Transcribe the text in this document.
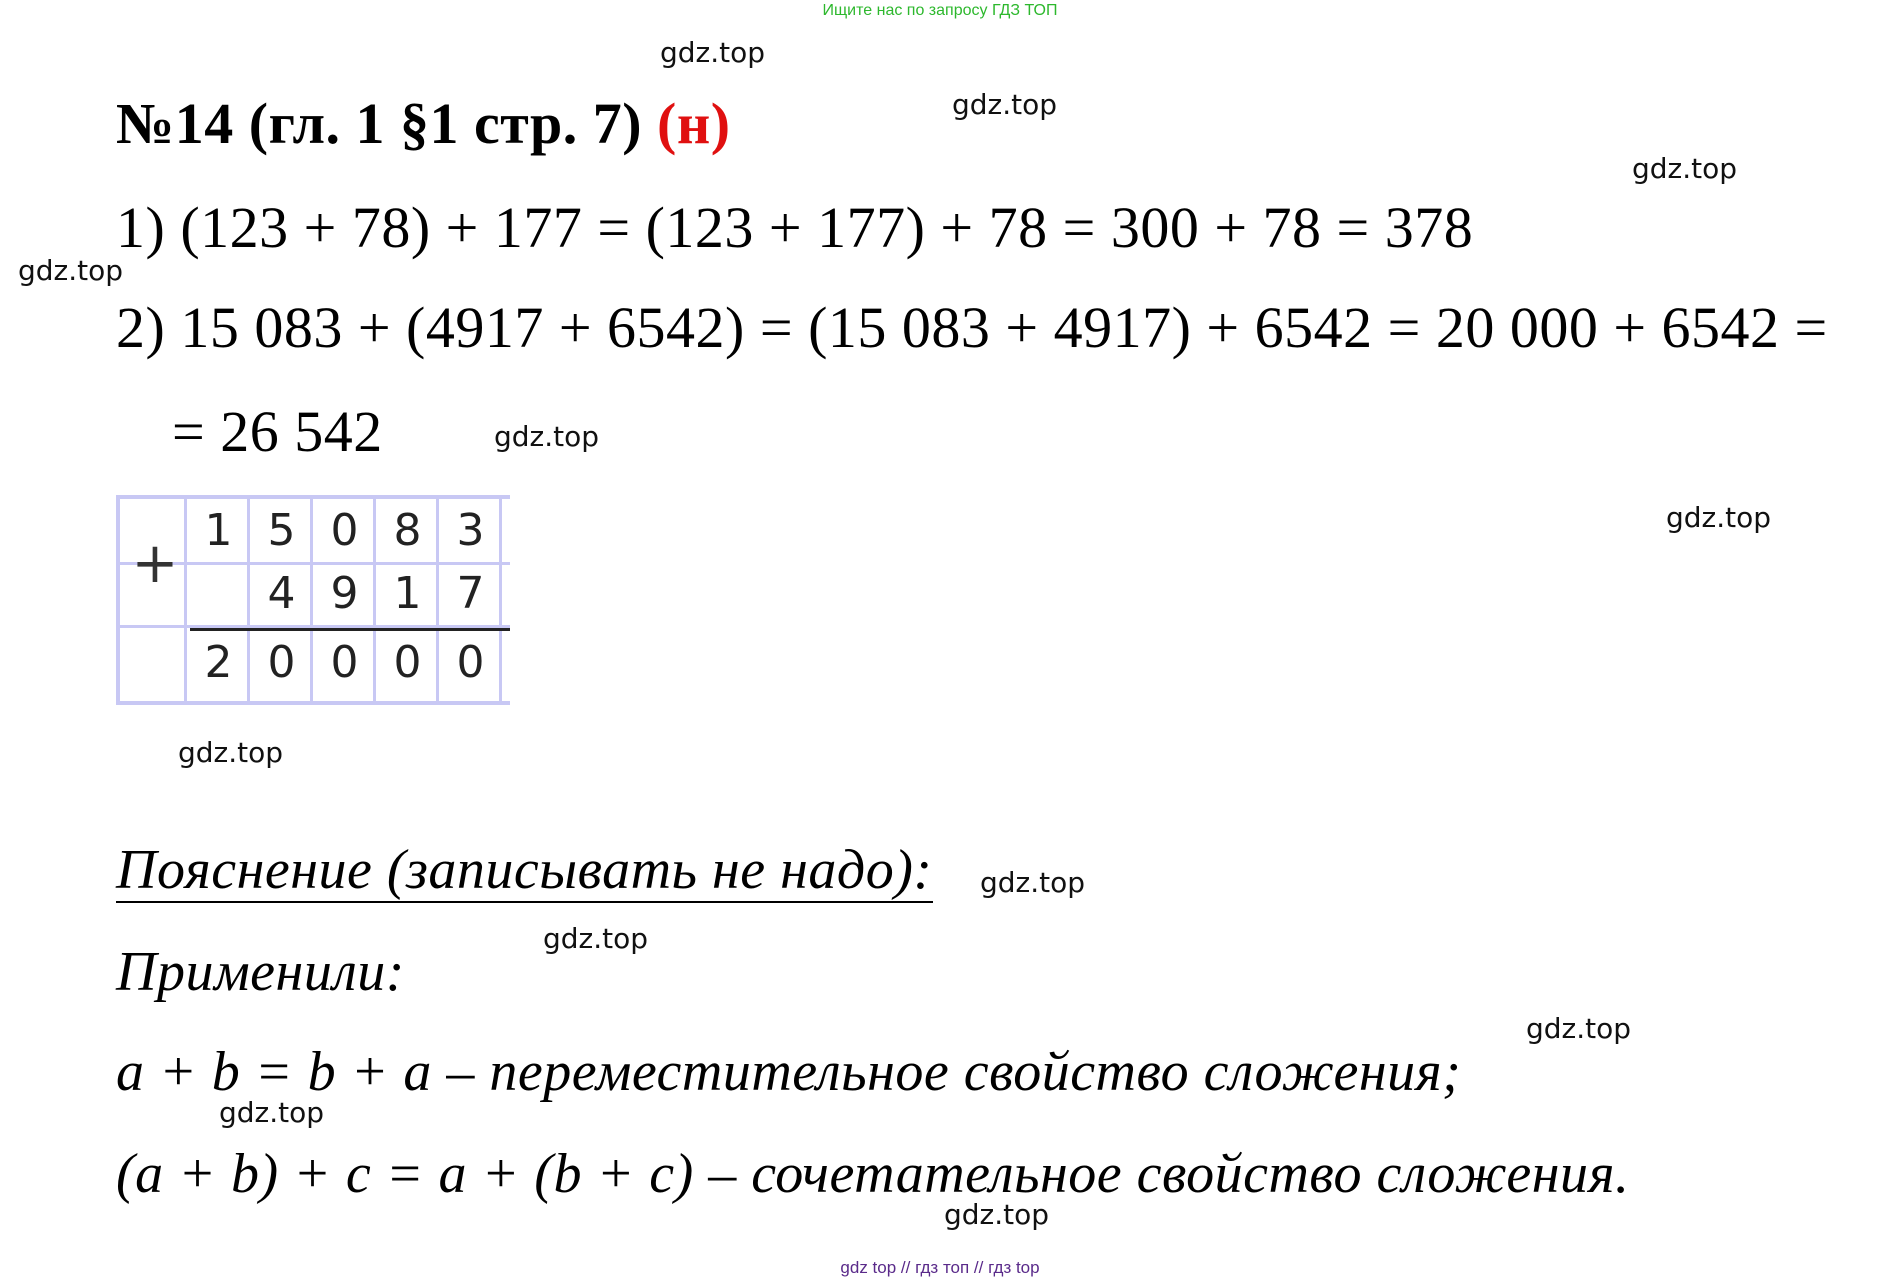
Ищите нас по запросу ГДЗ ТОП
gdz.top
gdz.top
gdz.top
gdz.top
gdz.top
gdz.top
gdz.top
gdz.top
gdz.top
gdz.top
gdz.top
gdz.top
№14 (гл. 1 §1 стр. 7) (н)
1) (123 + 78) + 177 = (123 + 177) + 78 = 300 + 78 = 378
2) 15 083 + (4917 + 6542) = (15 083 + 4917) + 6542 = 20 000 + 6542 =
= 26 542
+
1 5 0 8 3
4 9 1 7
2 0 0 0 0
Пояснение (записывать не надо):
Применили:
a + b = b + a – переместительное свойство сложения;
(a + b) + c = a + (b + c) – сочетательное свойство сложения.
gdz top // гдз топ // гдз top
